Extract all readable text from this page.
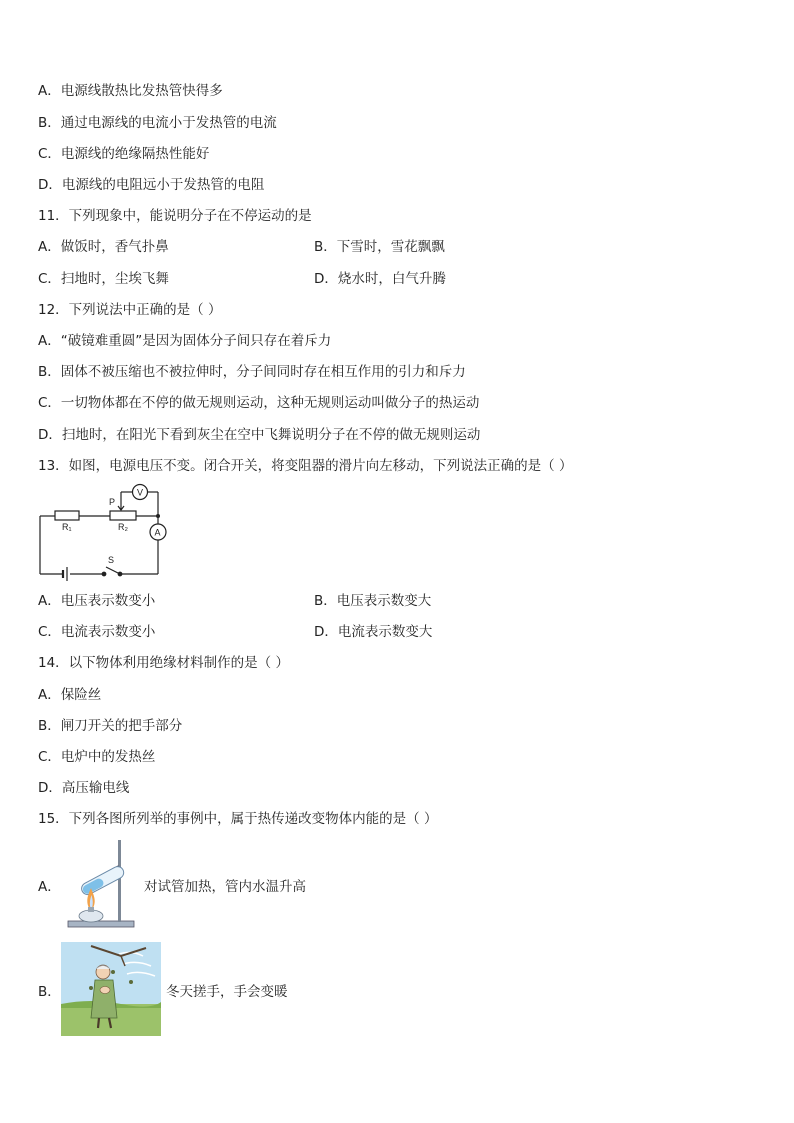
A．电源线散热比发热管快得多
B．通过电源线的电流小于发热管的电流
C．电源线的绝缘隔热性能好
D．电源线的电阻远小于发热管的电阻
11．下列现象中，能说明分子在不停运动的是
A．做饭时，香气扑鼻	B．下雪时，雪花飘飘
C．扫地时，尘埃飞舞	D．烧水时，白气升腾
12．下列说法中正确的是（ ）
A．“破镜难重圆”是因为固体分子间只存在着斥力
B．固体不被压缩也不被拉伸时，分子间同时存在相互作用的引力和斥力
C．一切物体都在不停的做无规则运动，这种无规则运动叫做分子的热运动
D．扫地时，在阳光下看到灰尘在空中飞舞说明分子在不停的做无规则运动
13．如图，电源电压不变。闭合开关，将变阻器的滑片向左移动，下列说法正确的是（ ）
R₁	R₂
P
V
A
S
A．电压表示数变小	B．电压表示数变大
C．电流表示数变小	D．电流表示数变大
14．以下物体利用绝缘材料制作的是（ ）
A．保险丝
B．闸刀开关的把手部分
C．电炉中的发热丝
D．高压输电线
15．下列各图所列举的事例中，属于热传递改变物体内能的是（ ）
A．	对试管加热，管内水温升高
B．	冬天搓手，手会变暖
